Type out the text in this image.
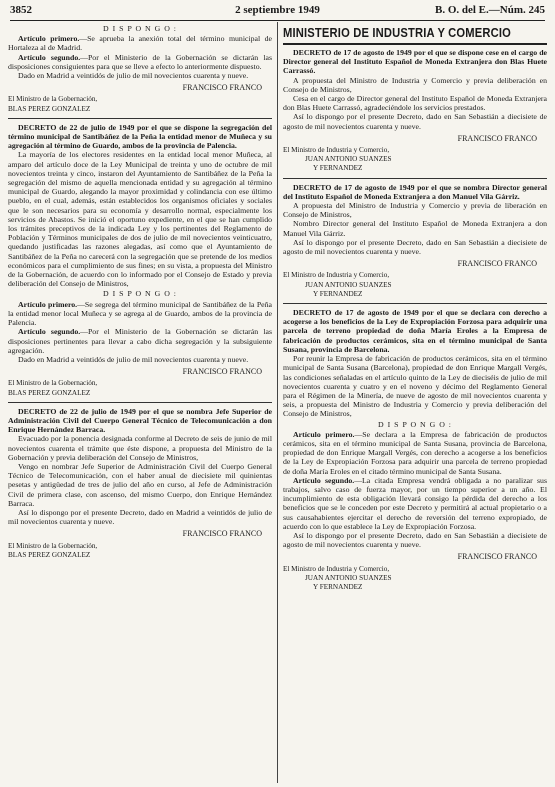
3852	2 septiembre 1949	B. O. del E.—Núm. 245

D I S P O N G O :

Artículo primero.—Se aprueba la anexión total del término municipal de Hortaleza al de Madrid.

Artículo segundo.—Por el Ministerio de la Gobernación se dictarán las disposiciones consiguientes para que se lleve a efecto lo anteriormente dispuesto.

Dado en Madrid a veintidós de julio de mil novecientos cuarenta y nueve.

FRANCISCO FRANCO

El Ministro de la Gobernación,

BLAS PEREZ GONZALEZ

DECRETO de 22 de julio de 1949 por el que se dispone la segregación del término municipal de Santibáñez de la Peña la entidad menor de Muñeca y su agregación al término de Guardo, ambos de la provincia de Palencia.

La mayoría de los electores residentes en la entidad local menor Muñeca, al amparo del artículo doce de la Ley Municipal de treinta y uno de octubre de mil novecientos treinta y cinco, instaron del Ayuntamiento de Santibáñez de la Peña la segregación del mismo de aquella mencionada entidad y su agregación al término municipal de Guardo, alegando la mayor proximidad y colindancia con ese último pueblo, en el cual, además, están establecidos los organismos oficiales y sociales que le son necesarios para su economía y desarrollo normal, especialmente los servicios de Abastos. Se inició el oportuno expediente, en el que se han cumplido los trámites preceptivos de la indicada Ley y los pertinentes del Reglamento de Población y Términos municipales de dos de julio de mil novecientos veinticuatro, quedando justificadas las razones alegadas, así como que el Ayuntamiento de Santibáñez de la Peña no carecerá con la segregación que se pretende de los medios económicos para el cumplimiento de sus fines; en su vista, a propuesta del Ministro de la Gobernación, de acuerdo con lo informado por el Consejo de Estado y previa deliberación del Consejo de Ministros,

D I S P O N G O :

Artículo primero.—Se segrega del término municipal de Santibáñez de la Peña la entidad menor local Muñeca y se agrega al de Guardo, ambos de la provincia de Palencia.

Artículo segundo.—Por el Ministerio de la Gobernación se dictarán las disposiciones pertinentes para llevar a cabo dicha segregación y la subsiguiente agregación.

Dado en Madrid a veintidós de julio de mil novecientos cuarenta y nueve.

FRANCISCO FRANCO

El Ministro de la Gobernación,

BLAS PEREZ GONZALEZ

DECRETO de 22 de julio de 1949 por el que se nombra Jefe Superior de Administración Civil del Cuerpo General Técnico de Telecomunicación a don Enrique Hernández Barraca.

Evacuado por la ponencia designada conforme al Decreto de seis de junio de mil novecientos cuarenta el trámite que éste dispone, a propuesta del Ministro de la Gobernación y previa deliberación del Consejo de Ministros,

Vengo en nombrar Jefe Superior de Administración Civil del Cuerpo General Técnico de Telecomunicación, con el haber anual de diecisiete mil quinientas pesetas y antigüedad de tres de julio del año en curso, al Jefe de Administración Civil de primera clase, con ascenso, del mismo Cuerpo, don Enrique Hernández Barraca.

Así lo dispongo por el presente Decreto, dado en Madrid a veintidós de julio de mil novecientos cuarenta y nueve.

FRANCISCO FRANCO

El Ministro de la Gobernación,

BLAS PEREZ GONZALEZ

MINISTERIO DE INDUSTRIA Y COMERCIO

DECRETO de 17 de agosto de 1949 por el que se dispone cese en el cargo de Director general del Instituto Español de Moneda Extranjera don Blas Huete Carrassó.

A propuesta del Ministro de Industria y Comercio y previa deliberación en Consejo de Ministros,

Cesa en el cargo de Director general del Instituto Español de Moneda Extranjera don Blas Huete Carrassó, agradeciéndole los servicios prestados.

Así lo dispongo por el presente Decreto, dado en San Sebastián a diecisiete de agosto de mil novecientos cuarenta y nueve.

FRANCISCO FRANCO

El Ministro de Industria y Comercio,

JUAN ANTONIO SUANZES

Y FERNANDEZ

DECRETO de 17 de agosto de 1949 por el que se nombra Director general del Instituto Español de Moneda Extranjera a don Manuel Vila Gárriz.

A propuesta del Ministro de Industria y Comercio y previa de liberación en Consejo de Ministros,

Nombro Director general del Instituto Español de Moneda Extranjera a don Manuel Vila Gárriz.

Así lo dispongo por el presente Decreto, dado en San Sebastián a diecisiete de agosto de mil novecientos cuarenta y nueve.

FRANCISCO FRANCO

El Ministro de Industria y Comercio,

JUAN ANTONIO SUANZES

Y FERNANDEZ

DECRETO de 17 de agosto de 1949 por el que se declara con derecho a acogerse a los beneficios de la Ley de Expropiación Forzosa para adquirir una parcela de terreno propiedad de doña María Eroles a la Empresa de fabricación de productos cerámicos, sita en el término municipal de Santa Susana, provincia de Barcelona.

Por reunir la Empresa de fabricación de productos cerámicos, sita en el término municipal de Santa Susana (Barcelona), propiedad de don Enrique Margall Vergés, las condiciones señaladas en el artículo quinto de la Ley de dieciséis de julio de mil novecientos cuarenta y cuatro y en el noveno y décimo del Reglamento General para el Régimen de la Minería, de nueve de agosto de mil novecientos cuarenta y seis, a propuesta del Ministro de Industria y Comercio y previa deliberación del Consejo de Ministros,

D I S P O N G O :

Artículo primero.—Se declara a la Empresa de fabricación de productos cerámicos, sita en el término municipal de Santa Susana, provincia de Barcelona, propiedad de don Enrique Margall Vergés, con derecho a acogerse a los beneficios de la Ley de Expropiación Forzosa para adquirir una parcela de terreno propiedad de doña María Eroles en el citado término municipal de Santa Susana.

Artículo segundo.—La citada Empresa vendrá obligada a no paralizar sus trabajos, salvo caso de fuerza mayor, por un tiempo superior a un año. El incumplimiento de esta obligación llevará consigo la pérdida del derecho a los beneficios que se le conceden por este Decreto y permitirá al actual propietario o a sus causahabientes ejercitar el derecho de reversión del terreno expropiado, de acuerdo con lo que establece la Ley de Expropiación Forzosa.

Así lo dispongo por el presente Decreto, dado en San Sebastián a diecisiete de agosto de mil novecientos cuarenta y nueve.

FRANCISCO FRANCO

El Ministro de Industria y Comercio,

JUAN ANTONIO SUANZES

Y FERNANDEZ
